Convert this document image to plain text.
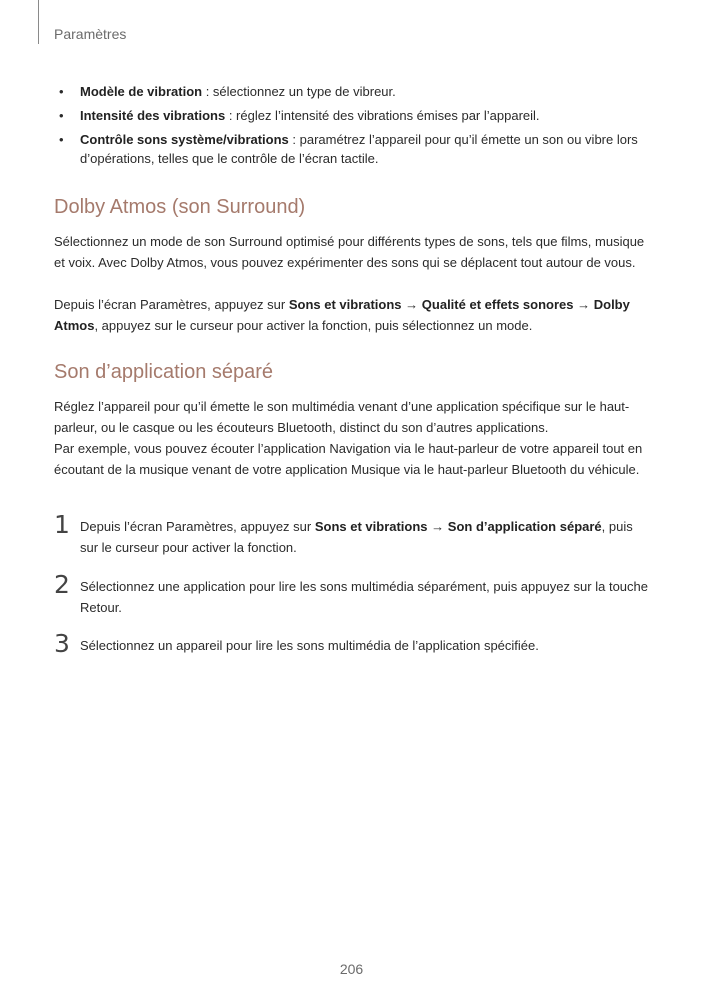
Paramètres
• Modèle de vibration : sélectionnez un type de vibreur.
• Intensité des vibrations : réglez l’intensité des vibrations émises par l’appareil.
• Contrôle sons système/vibrations : paramétrez l’appareil pour qu’il émette un son ou vibre lors d’opérations, telles que le contrôle de l’écran tactile.
Dolby Atmos (son Surround)

Sélectionnez un mode de son Surround optimisé pour différents types de sons, tels que films, musique et voix. Avec Dolby Atmos, vous pouvez expérimenter des sons qui se déplacent tout autour de vous.

Depuis l’écran Paramètres, appuyez sur Sons et vibrations → Qualité et effets sonores → Dolby Atmos, appuyez sur le curseur pour activer la fonction, puis sélectionnez un mode.

Son d’application séparé

Réglez l’appareil pour qu’il émette le son multimédia venant d’une application spécifique sur le haut-parleur, ou le casque ou les écouteurs Bluetooth, distinct du son d’autres applications.

Par exemple, vous pouvez écouter l’application Navigation via le haut-parleur de votre appareil tout en écoutant de la musique venant de votre application Musique via le haut-parleur Bluetooth du véhicule.

1 Depuis l’écran Paramètres, appuyez sur Sons et vibrations → Son d’application séparé, puis sur le curseur pour activer la fonction.
2 Sélectionnez une application pour lire les sons multimédia séparément, puis appuyez sur la touche Retour.
3 Sélectionnez un appareil pour lire les sons multimédia de l’application spécifiée.
206
